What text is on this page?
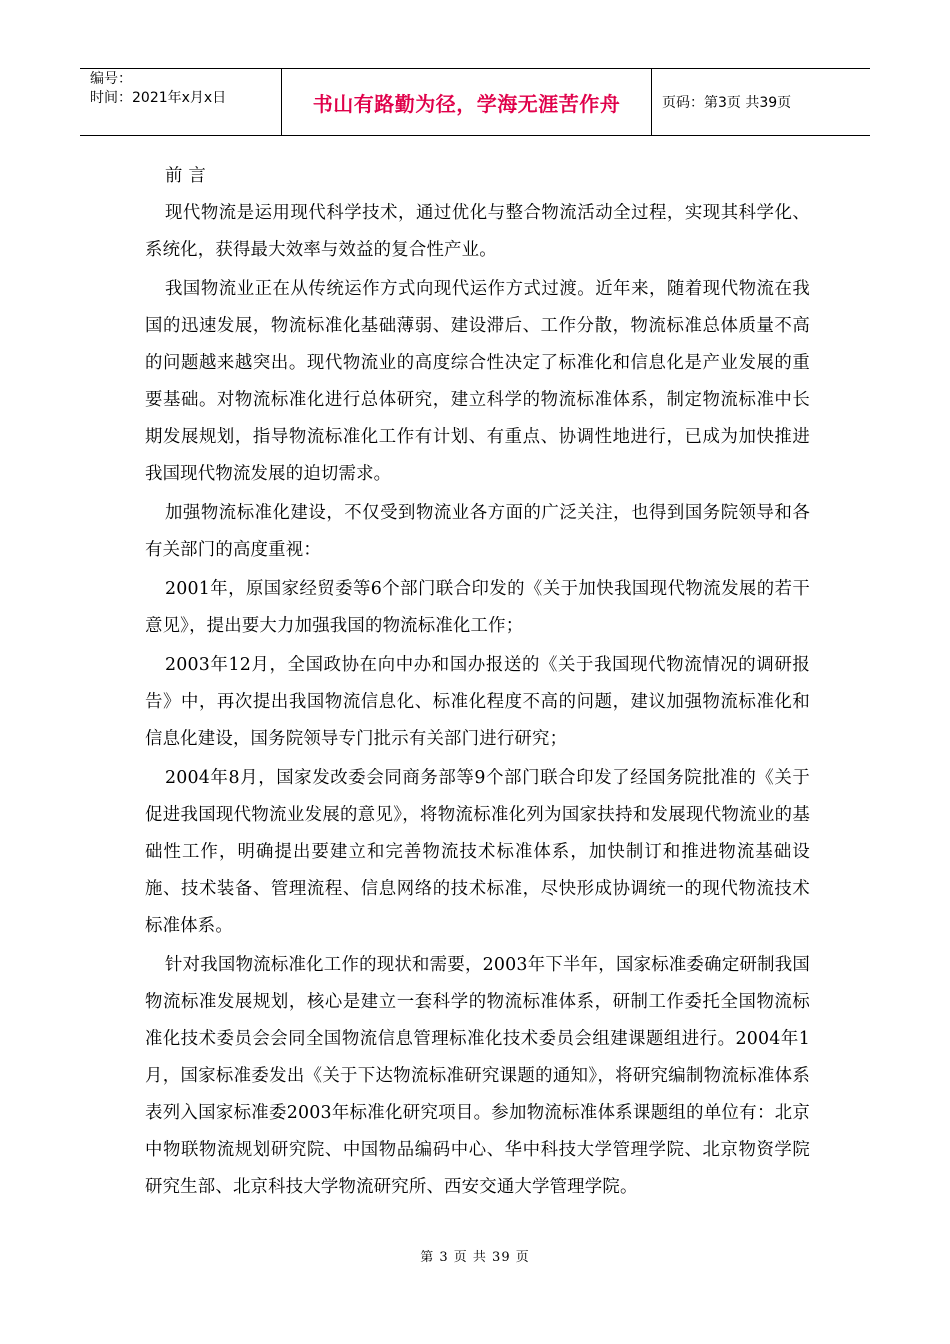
编号：
时间：2021年x月x日	书山有路勤为径，学海无涯苦作舟	页码：第3页 共39页

前 言

现代物流是运用现代科学技术，通过优化与整合物流活动全过程，实现其科学化、系统化，获得最大效率与效益的复合性产业。

我国物流业正在从传统运作方式向现代运作方式过渡。近年来，随着现代物流在我国的迅速发展，物流标准化基础薄弱、建设滞后、工作分散，物流标准总体质量不高的问题越来越突出。现代物流业的高度综合性决定了标准化和信息化是产业发展的重要基础。对物流标准化进行总体研究，建立科学的物流标准体系，制定物流标准中长期发展规划，指导物流标准化工作有计划、有重点、协调性地进行，已成为加快推进我国现代物流发展的迫切需求。

加强物流标准化建设，不仅受到物流业各方面的广泛关注，也得到国务院领导和各有关部门的高度重视：

2001年，原国家经贸委等6个部门联合印发的《关于加快我国现代物流发展的若干意见》，提出要大力加强我国的物流标准化工作；

2003年12月，全国政协在向中办和国办报送的《关于我国现代物流情况的调研报告》中，再次提出我国物流信息化、标准化程度不高的问题，建议加强物流标准化和信息化建设，国务院领导专门批示有关部门进行研究；

2004年8月，国家发改委会同商务部等9个部门联合印发了经国务院批准的《关于促进我国现代物流业发展的意见》，将物流标准化列为国家扶持和发展现代物流业的基础性工作，明确提出要建立和完善物流技术标准体系，加快制订和推进物流基础设施、技术装备、管理流程、信息网络的技术标准，尽快形成协调统一的现代物流技术标准体系。

针对我国物流标准化工作的现状和需要，2003年下半年，国家标准委确定研制我国物流标准发展规划，核心是建立一套科学的物流标准体系，研制工作委托全国物流标准化技术委员会会同全国物流信息管理标准化技术委员会组建课题组进行。2004年1月，国家标准委发出《关于下达物流标准研究课题的通知》，将研究编制物流标准体系表列入国家标准委2003年标准化研究项目。参加物流标准体系课题组的单位有：北京中物联物流规划研究院、中国物品编码中心、华中科技大学管理学院、北京物资学院研究生部、北京科技大学物流研究所、西安交通大学管理学院。

第 3 页 共 39 页
